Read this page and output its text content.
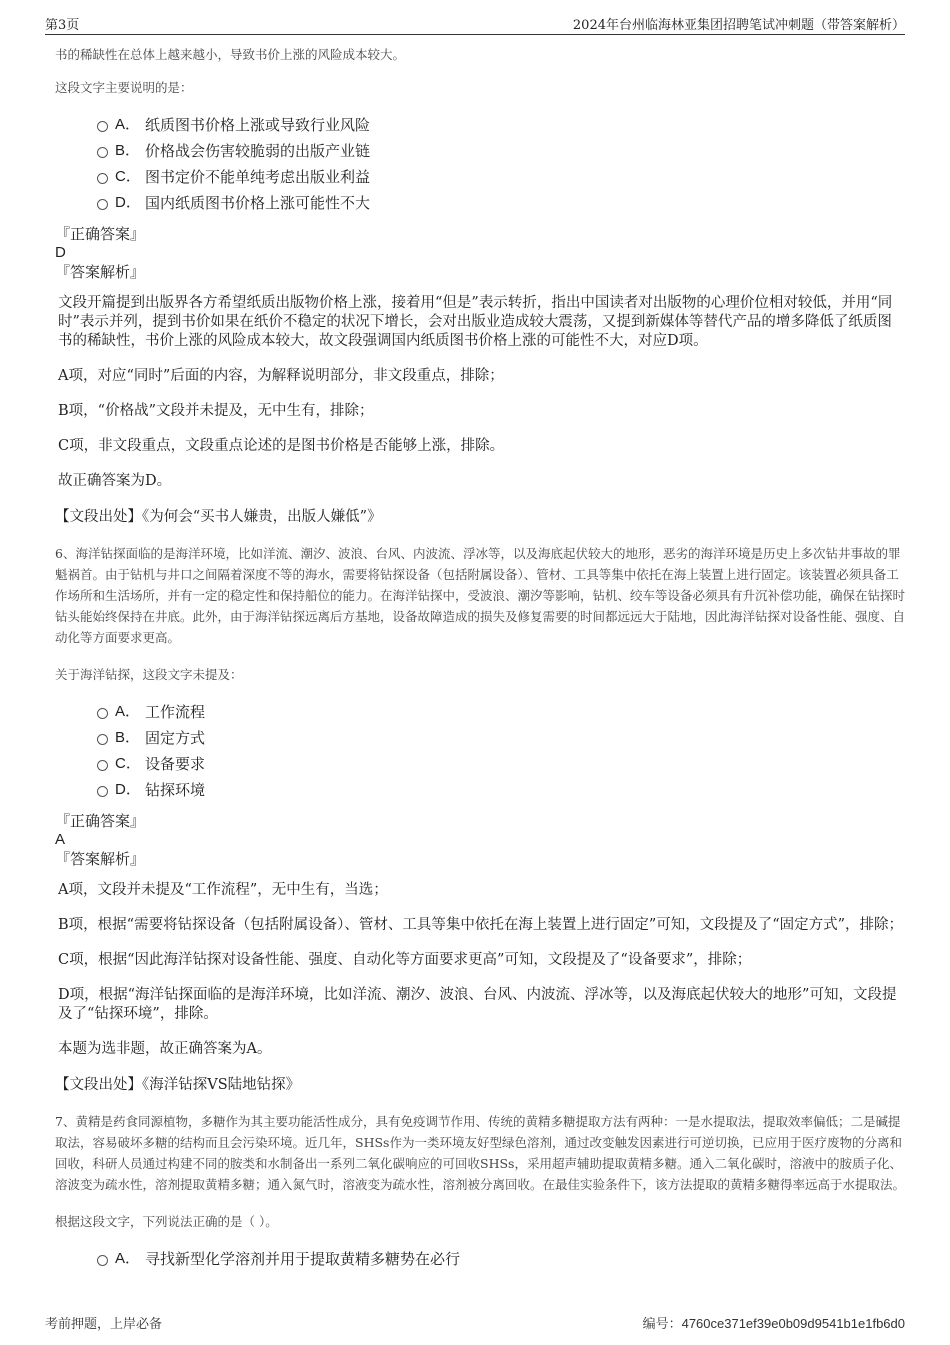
第3页	2024年台州临海林亚集团招聘笔试冲刺题（带答案解析）

书的稀缺性在总体上越来越小，导致书价上涨的风险成本较大。

这段文字主要说明的是：

A． 纸质图书价格上涨或导致行业风险
B． 价格战会伤害较脆弱的出版产业链
C． 图书定价不能单纯考虑出版业利益
D． 国内纸质图书价格上涨可能性不大

『正确答案』

D

『答案解析』

文段开篇提到出版界各方希望纸质出版物价格上涨，接着用“但是”表示转折，指出中国读者对出版物的心理价位相对较低，并用“同时”表示并列，提到书价如果在纸价不稳定的状况下增长，会对出版业造成较大震荡，又提到新媒体等替代产品的增多降低了纸质图书的稀缺性，书价上涨的风险成本较大，故文段强调国内纸质图书价格上涨的可能性不大，对应D项。

A项，对应“同时”后面的内容，为解释说明部分，非文段重点，排除；

B项，“价格战”文段并未提及，无中生有，排除；

C项，非文段重点，文段重点论述的是图书价格是否能够上涨，排除。

故正确答案为D。

【文段出处】《为何会“买书人嫌贵，出版人嫌低”》

6、海洋钻探面临的是海洋环境，比如洋流、潮汐、波浪、台风、内波流、浮冰等，以及海底起伏较大的地形，恶劣的海洋环境是历史上多次钻井事故的罪魁祸首。由于钻机与井口之间隔着深度不等的海水，需要将钻探设备（包括附属设备）、管材、工具等集中依托在海上装置上进行固定。该装置必须具备工作场所和生活场所，并有一定的稳定性和保持船位的能力。在海洋钻探中，受波浪、潮汐等影响，钻机、绞车等设备必须具有升沉补偿功能，确保在钻探时钻头能始终保持在井底。此外，由于海洋钻探远离后方基地，设备故障造成的损失及修复需要的时间都远远大于陆地，因此海洋钻探对设备性能、强度、自动化等方面要求更高。

关于海洋钻探，这段文字未提及：

A． 工作流程
B． 固定方式
C． 设备要求
D． 钻探环境

『正确答案』

A

『答案解析』

A项，文段并未提及“工作流程”，无中生有，当选；

B项，根据“需要将钻探设备（包括附属设备）、管材、工具等集中依托在海上装置上进行固定”可知，文段提及了“固定方式”，排除；

C项，根据“因此海洋钻探对设备性能、强度、自动化等方面要求更高”可知，文段提及了“设备要求”，排除；

D项，根据“海洋钻探面临的是海洋环境，比如洋流、潮汐、波浪、台风、内波流、浮冰等，以及海底起伏较大的地形”可知，文段提及了“钻探环境”，排除。

本题为选非题，故正确答案为A。

【文段出处】《海洋钻探VS陆地钻探》

7、黄精是药食同源植物，多糖作为其主要功能活性成分，具有免疫调节作用、传统的黄精多糖提取方法有两种：一是水提取法，提取效率偏低；二是碱提取法，容易破坏多糖的结构而且会污染环境。近几年，SHSs作为一类环境友好型绿色溶剂，通过改变触发因素进行可逆切换，已应用于医疗废物的分离和回收，科研人员通过构建不同的胺类和水制备出一系列二氧化碳响应的可回收SHSs，采用超声辅助提取黄精多糖。通入二氧化碳时，溶液中的胺质子化、溶波变为疏水性，溶剂提取黄精多糖；通入氮气时，溶液变为疏水性，溶剂被分离回收。在最佳实验条件下，该方法提取的黄精多糖得率远高于水提取法。

根据这段文字，下列说法正确的是（ ）。

A． 寻找新型化学溶剂并用于提取黄精多糖势在必行
考前押题，上岸必备	编号：4760ce371ef39e0b09d9541b1e1fb6d0
